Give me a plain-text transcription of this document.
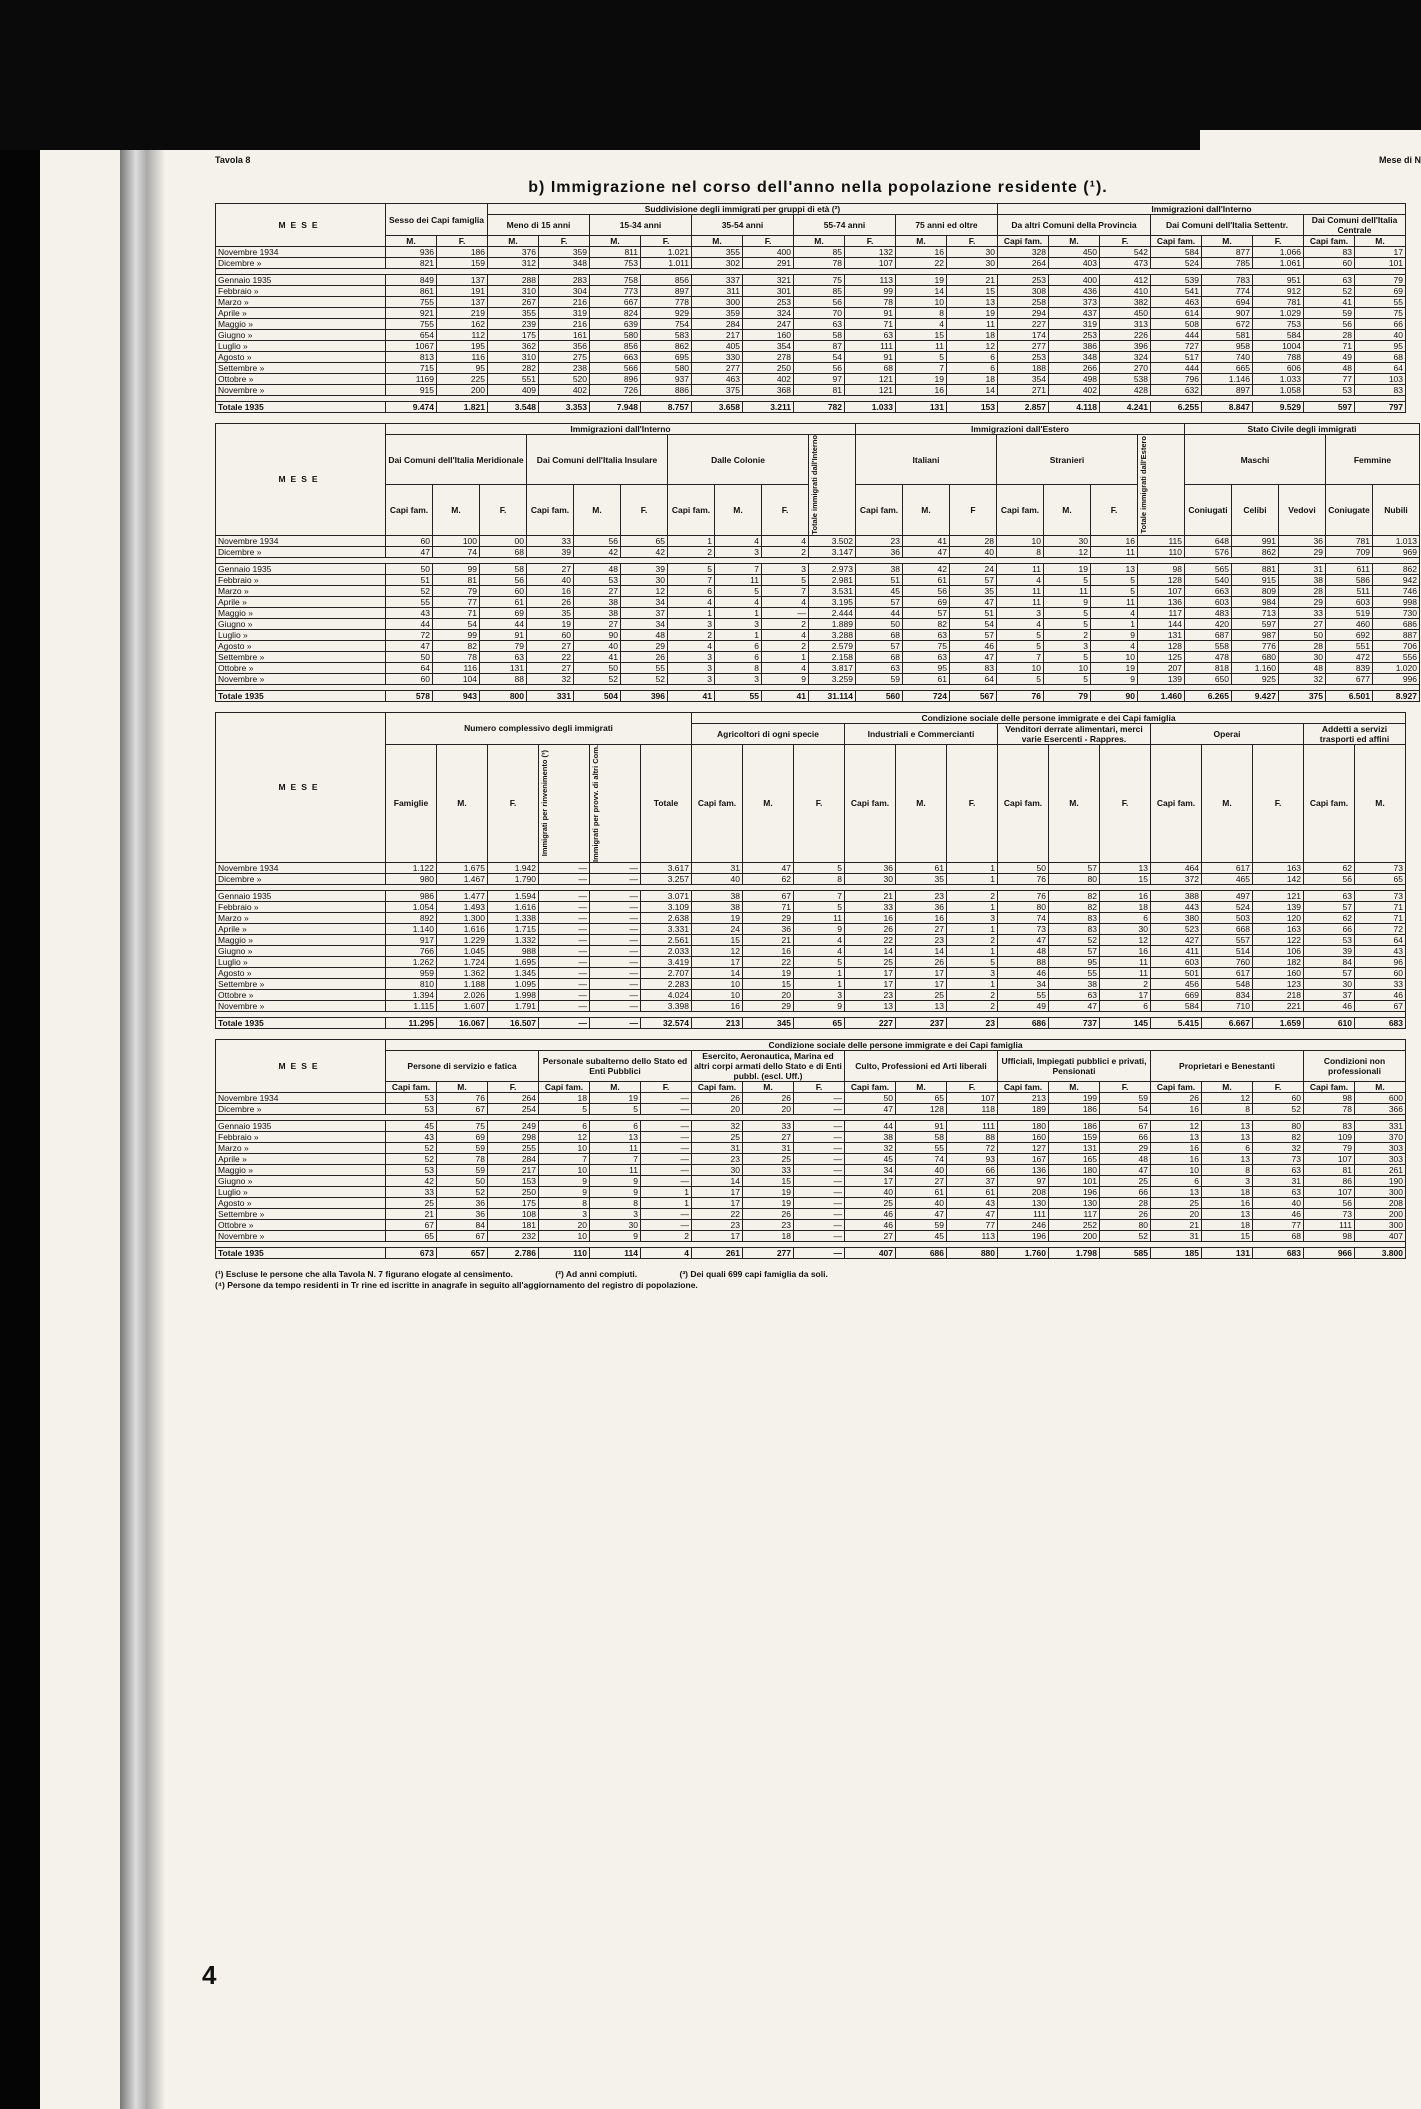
4
Tavola 8	Mese di N
b) Immigrazione nel corso dell'anno nella popolazione residente (¹).
MESE	Sesso dei Capi famiglia		Suddivisione degli immigrati per gruppi di età (²)										Immigrazioni dall'Interno							
			Meno di 15 anni		15-34 anni		35-54 anni		55-74 anni		75 anni ed oltre		Da altri Comuni della Provincia			Dai Comuni dell'Italia Settentr.			Dai Comuni dell'Italia Centrale	
	M.	F.	M.	F.	M.	F.	M.	F.	M.	F.	M.	F.	Capi fam.	M.	F.	Capi fam.	M.	F.	Capi fam.	M.
Novembre 1934	936	186	376	359	811	1.021	355	400	85	132	16	30	328	450	542	584	877	1.066	83	17
Dicembre »	821	159	312	348	753	1.011	302	291	78	107	22	30	264	403	473	524	785	1.061	60	101

Gennaio 1935	849	137	288	283	758	856	337	321	75	113	19	21	253	400	412	539	783	951	63	79
Febbraio »	861	191	310	304	773	897	311	301	85	99	14	15	308	436	410	541	774	912	52	69
Marzo »	755	137	267	216	667	778	300	253	56	78	10	13	258	373	382	463	694	781	41	55
Aprile »	921	219	355	319	824	929	359	324	70	91	8	19	294	437	450	614	907	1.029	59	75
Maggio »	755	162	239	216	639	754	284	247	63	71	4	11	227	319	313	508	672	753	56	66
Giugno »	654	112	175	161	580	583	217	160	58	63	15	18	174	253	226	444	581	584	28	40
Luglio »	1067	195	362	356	856	862	405	354	87	111	11	12	277	386	396	727	958	1004	71	95
Agosto »	813	116	310	275	663	695	330	278	54	91	5	6	253	348	324	517	740	788	49	68
Settembre »	715	95	282	238	566	580	277	250	56	68	7	6	188	266	270	444	665	606	48	64
Ottobre »	1169	225	551	520	896	937	463	402	97	121	19	18	354	498	538	796	1.146	1.033	77	103
Novembre »	915	200	409	402	726	886	375	368	81	121	16	14	271	402	428	632	897	1.058	53	83

Totale 1935	9.474	1.821	3.548	3.353	7.948	8.757	3.658	3.211	782	1.033	131	153	2.857	4.118	4.241	6.255	8.847	9.529	597	797
MESE	Immigrazioni dall'Interno										Immigrazioni dall'Estero							Stato Civile degli immigrati				
	Dai Comuni dell'Italia Meridionale			Dai Comuni dell'Italia Insulare			Dalle Colonie			Totale immigrati dall'Interno	Italiani			Stranieri			Totale immigrati dall'Estero	Maschi			Femmine	
	Capi fam.	M.	F.	Capi fam.	M.	F.	Capi fam.	M.	F.		Capi fam.	M.	F	Capi fam.	M.	F.		Coniugati	Celibi	Vedovi	Coniugate	Nubili
Novembre 1934	60	100	00	33	56	65	1	4	4	3.502	23	41	28	10	30	16	115	648	991	36	781	1.013
Dicembre »	47	74	68	39	42	42	2	3	2	3.147	36	47	40	8	12	11	110	576	862	29	709	969

Gennaio 1935	50	99	58	27	48	39	5	7	3	2.973	38	42	24	11	19	13	98	565	881	31	611	862
Febbraio »	51	81	56	40	53	30	7	11	5	2.981	51	61	57	4	5	5	128	540	915	38	586	942
Marzo »	52	79	60	16	27	12	6	5	7	3.531	45	56	35	11	11	5	107	663	809	28	511	746
Aprile »	55	77	61	26	38	34	4	4	4	3.195	57	69	47	11	9	11	136	603	984	29	603	998
Maggio »	43	71	69	35	38	37	1	1	—	2.444	44	57	51	3	5	4	117	483	713	33	519	730
Giugno »	44	54	44	19	27	34	3	3	2	1.889	50	82	54	4	5	1	144	420	597	27	460	686
Luglio »	72	99	91	60	90	48	2	1	4	3.288	68	63	57	5	2	9	131	687	987	50	692	887
Agosto »	47	82	79	27	40	29	4	6	2	2.579	57	75	46	5	3	4	128	558	776	28	551	706
Settembre »	50	78	63	22	41	26	3	6	1	2.158	68	63	47	7	5	10	125	478	680	30	472	556
Ottobre »	64	116	131	27	50	55	3	8	4	3.817	63	95	83	10	10	19	207	818	1.160	48	839	1.020
Novembre »	60	104	88	32	52	52	3	3	9	3.259	59	61	64	5	5	9	139	650	925	32	677	996

Totale 1935	578	943	800	331	504	396	41	55	41	31.114	560	724	567	76	79	90	1.460	6.265	9.427	375	6.501	8.927
MESE	Numero complessivo degli immigrati						Condizione sociale delle persone immigrate e dei Capi famiglia													
							Agricoltori di ogni specie			Industriali e Commercianti			Venditori derrate alimentari, merci varie Esercenti - Rappres.			Operai			Addetti a servizi trasporti ed affini	
	Famiglie	M.	F.	Immigrati per rinvenimento (³)	Immigrati per provv. di altri Com.	Totale	Capi fam.	M.	F.	Capi fam.	M.	F.	Capi fam.	M.	F.	Capi fam.	M.	F.	Capi fam.	M.
Novembre 1934	1.122	1.675	1.942	—	—	3.617	31	47	5	36	61	1	50	57	13	464	617	163	62	73
Dicembre »	980	1.467	1.790	—	—	3.257	40	62	8	30	35	1	76	80	15	372	465	142	56	65

Gennaio 1935	986	1.477	1.594	—	—	3.071	38	67	7	21	23	2	76	82	16	388	497	121	63	73
Febbraio »	1.054	1.493	1.616	—	—	3.109	38	71	5	33	36	1	80	82	18	443	524	139	57	71
Marzo »	892	1.300	1.338	—	—	2.638	19	29	11	16	16	3	74	83	6	380	503	120	62	71
Aprile »	1.140	1.616	1.715	—	—	3.331	24	36	9	26	27	1	73	83	30	523	668	163	66	72
Maggio »	917	1.229	1.332	—	—	2.561	15	21	4	22	23	2	47	52	12	427	557	122	53	64
Giugno »	766	1.045	988	—	—	2.033	12	16	4	14	14	1	48	57	16	411	514	106	39	43
Luglio »	1.262	1.724	1.695	—	—	3.419	17	22	5	25	26	5	88	95	11	603	760	182	84	96
Agosto »	959	1.362	1.345	—	—	2.707	14	19	1	17	17	3	46	55	11	501	617	160	57	60
Settembre »	810	1.188	1.095	—	—	2.283	10	15	1	17	17	1	34	38	2	456	548	123	30	33
Ottobre »	1.394	2.026	1.998	—	—	4.024	10	20	3	23	25	2	55	63	17	669	834	218	37	46
Novembre »	1.115	1.607	1.791	—	—	3.398	16	29	9	13	13	2	49	47	6	584	710	221	46	67

Totale 1935	11.295	16.067	16.507	—	—	32.574	213	345	65	227	237	23	686	737	145	5.415	6.667	1.659	610	683
MESE	Condizione sociale delle persone immigrate e dei Capi famiglia																			
	Persone di servizio e fatica			Personale subalterno dello Stato ed Enti Pubblici			Esercito, Aeronautica, Marina ed altri corpi armati dello Stato e di Enti pubbl. (escl. Uff.)			Culto, Professioni ed Arti liberali			Ufficiali, Impiegati pubblici e privati, Pensionati			Proprietari e Benestanti			Condizioni non professionali	
	Capi fam.	M.	F.	Capi fam.	M.	F.	Capi fam.	M.	F.	Capi fam.	M.	F.	Capi fam.	M.	F.	Capi fam.	M.	F.	Capi fam.	M.
Novembre 1934	53	76	264	18	19	—	26	26	—	50	65	107	213	199	59	26	12	60	98	600
Dicembre »	53	67	254	5	5	—	20	20	—	47	128	118	189	186	54	16	8	52	78	366

Gennaio 1935	45	75	249	6	6	—	32	33	—	44	91	111	180	186	67	12	13	80	83	331
Febbraio »	43	69	298	12	13	—	25	27	—	38	58	88	160	159	66	13	13	82	109	370
Marzo »	52	59	255	10	11	—	31	31	—	32	55	72	127	131	29	16	6	32	79	303
Aprile »	52	78	284	7	7	—	23	25	—	45	74	93	167	165	48	16	13	73	107	303
Maggio »	53	59	217	10	11	—	30	33	—	34	40	66	136	180	47	10	8	63	81	261
Giugno »	42	50	153	9	9	—	14	15	—	17	27	37	97	101	25	6	3	31	86	190
Luglio »	33	52	250	9	9	1	17	19	—	40	61	61	208	196	66	13	18	63	107	300
Agosto »	25	36	175	8	8	1	17	19	—	25	40	43	130	130	28	25	16	40	56	208
Settembre »	21	36	108	3	3	—	22	26	—	46	47	47	111	117	26	20	13	46	73	200
Ottobre »	67	84	181	20	30	—	23	23	—	46	59	77	246	252	80	21	18	77	111	300
Novembre »	65	67	232	10	9	2	17	18	—	27	45	113	196	200	52	31	15	68	98	407

Totale 1935	673	657	2.786	110	114	4	261	277	—	407	686	880	1.760	1.798	585	185	131	683	966	3.800
(¹) Escluse le persone che alla Tavola N. 7 figurano elogate al censimento.	(²) Ad anni compiuti.	(³) Dei quali 699 capi famiglia da soli.
(⁴) Persone da tempo residenti in Tr rine ed iscritte in anagrafe in seguito all'aggiornamento del registro di popolazione.
